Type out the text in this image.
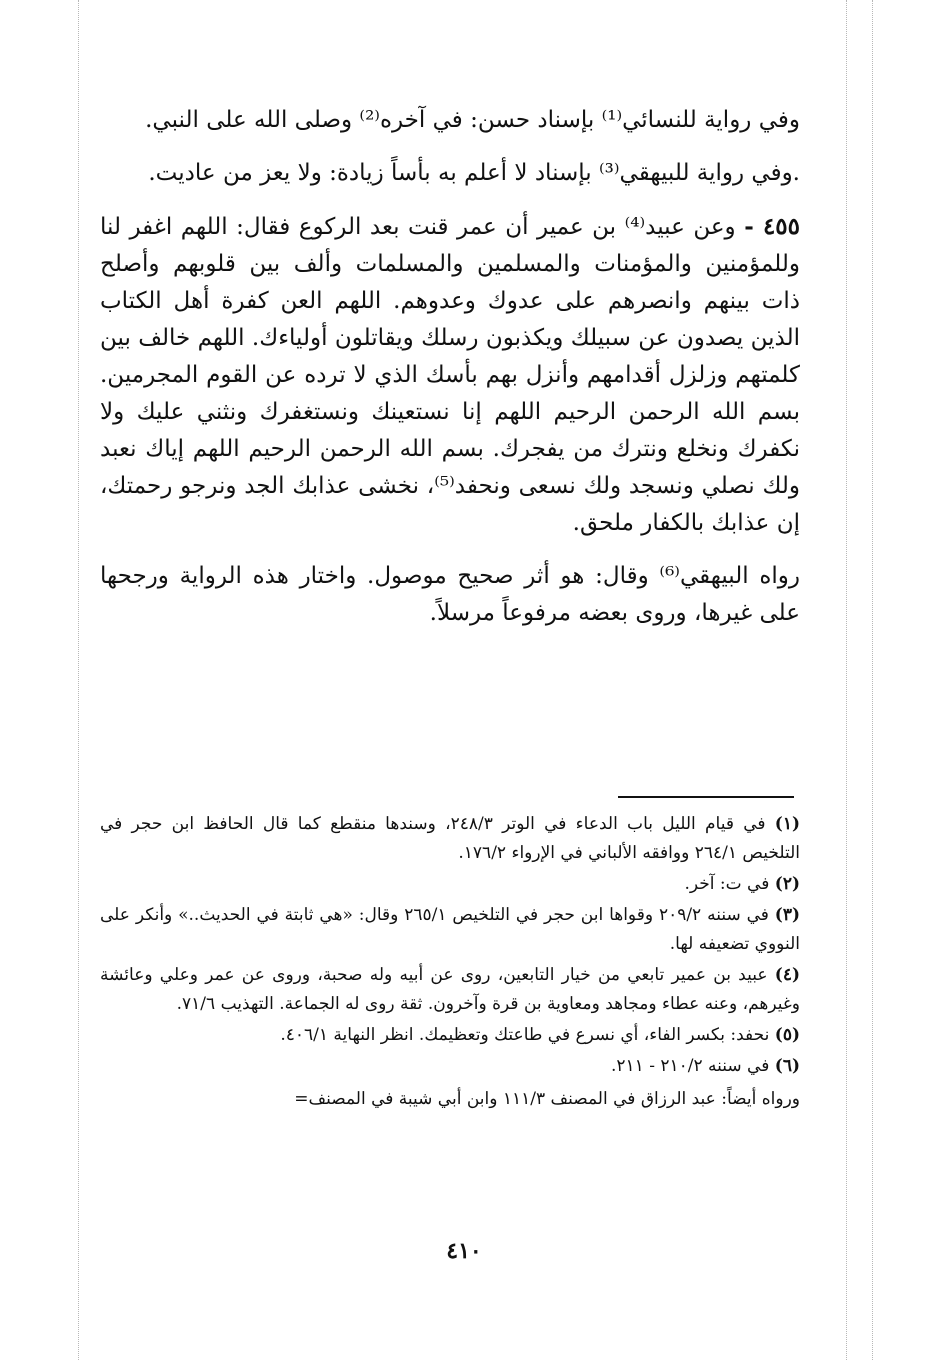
وفي رواية للنسائي⁽¹⁾ بإسناد حسن: في آخره⁽²⁾ وصلى الله على النبي.

.وفي رواية للبيهقي⁽³⁾ بإسناد لا أعلم به بأساً زيادة: ولا يعز من عاديت.

٤٥٥ - وعن عبيد⁽⁴⁾ بن عمير أن عمر قنت بعد الركوع فقال: اللهم اغفر لنا وللمؤمنين والمؤمنات والمسلمين والمسلمات وألف بين قلوبهم وأصلح ذات بينهم وانصرهم على عدوك وعدوهم. اللهم العن كفرة أهل الكتاب الذين يصدون عن سبيلك ويكذبون رسلك ويقاتلون أولياءك. اللهم خالف بين كلمتهم وزلزل أقدامهم وأنزل بهم بأسك الذي لا ترده عن القوم المجرمين. بسم الله الرحمن الرحيم اللهم إنا نستعينك ونستغفرك ونثني عليك ولا نكفرك ونخلع ونترك من يفجرك. بسم الله الرحمن الرحيم اللهم إياك نعبد ولك نصلي ونسجد ولك نسعى ونحفد⁽⁵⁾، نخشى عذابك الجد ونرجو رحمتك، إن عذابك بالكفار ملحق.

رواه البيهقي⁽⁶⁾ وقال: هو أثر صحيح موصول. واختار هذه الرواية ورجحها على غيرها، وروى بعضه مرفوعاً مرسلاً.

(١) في قيام الليل باب الدعاء في الوتر ٢٤٨/٣، وسندها منقطع كما قال الحافظ ابن حجر في التلخيص ٢٦٤/١ ووافقه الألباني في الإرواء ١٧٦/٢.

(٢) في ت: آخر.

(٣) في سننه ٢٠٩/٢ وقواها ابن حجر في التلخيص ٢٦٥/١ وقال: «هي ثابتة في الحديث..» وأنكر على النووي تضعيفه لها.

(٤) عبيد بن عمير تابعي من خيار التابعين، روى عن أبيه وله صحبة، وروى عن عمر وعلي وعائشة وغيرهم، وعنه عطاء ومجاهد ومعاوية بن قرة وآخرون. ثقة روى له الجماعة. التهذيب ٧١/٦.

(٥) نحفد: بكسر الفاء، أي نسرع في طاعتك وتعظيمك. انظر النهاية ٤٠٦/١.

(٦) في سننه ٢١٠/٢ - ٢١١.

ورواه أيضاً: عبد الرزاق في المصنف ١١١/٣ وابن أبي شيبة في المصنف=

٤١٠
